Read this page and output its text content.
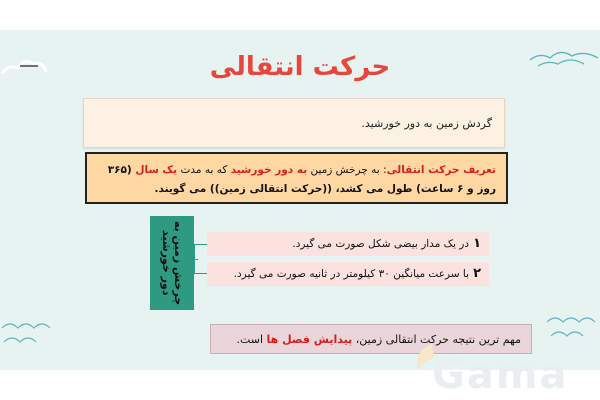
حرکت انتقالی
گردش زمین به دور خورشید.
تعریف حرکت انتقالی: به چرخش زمین به دور خورشید که به مدت یک سال (۳۶۵ روز و ۶ ساعت) طول می کشد، ((حرکت انتقالی زمین)) می گویند.
چرخش زمین به دور خورشید	۱در یک مدار بیضی شکل صورت می گیرد.
۲با سرعت میانگین ۳۰ کیلومتر در ثانیه صورت می گیرد.
مهم ترین نتیجه حرکت انتقالی زمین، پیدایش فصل ها است.
Gama
